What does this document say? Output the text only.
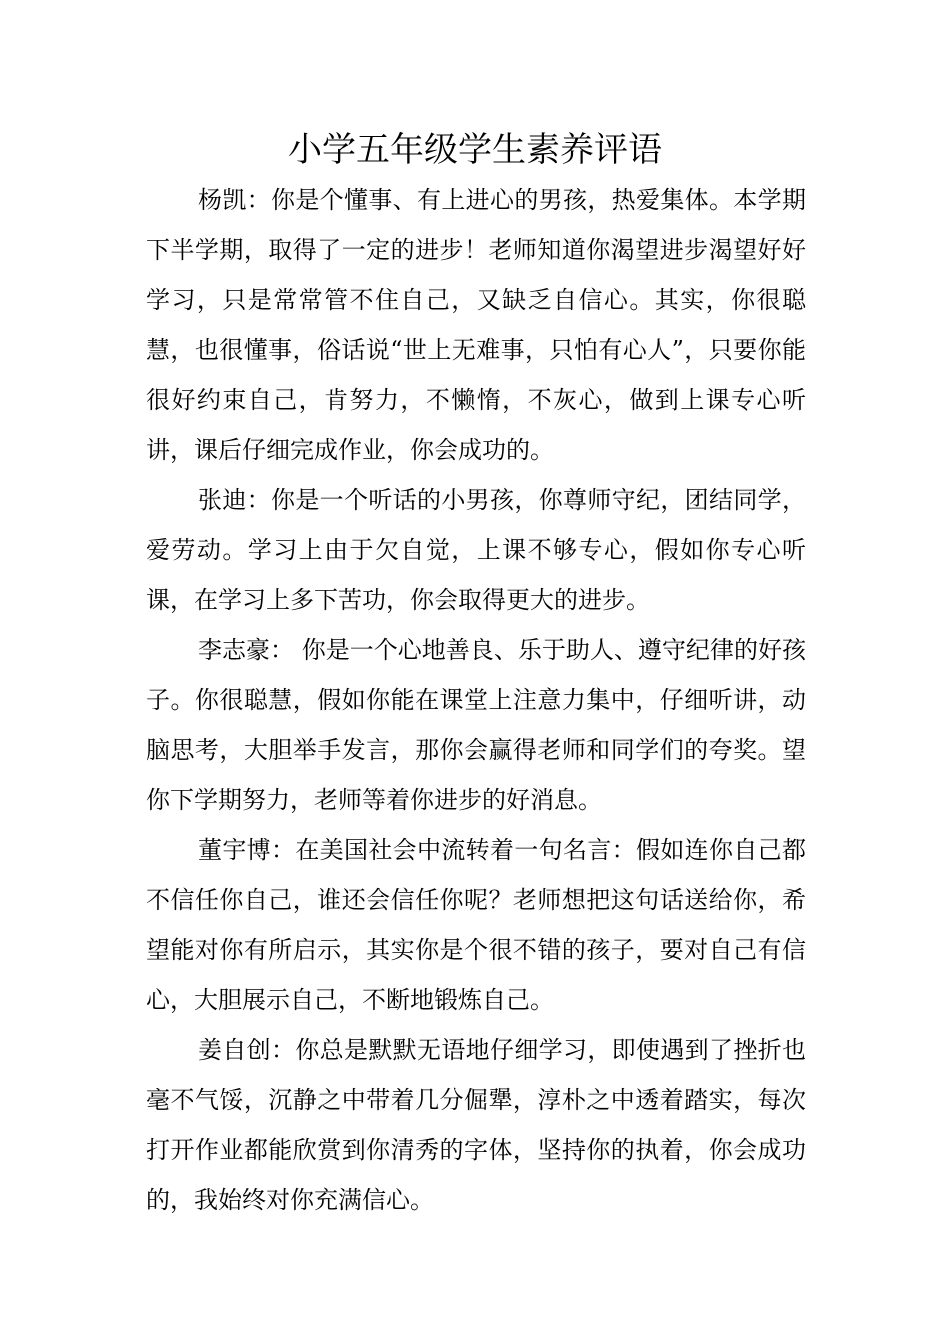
小学五年级学生素养评语

杨凯：你是个懂事、有上进心的男孩，热爱集体。本学期下半学期，取得了一定的进步！老师知道你渴望进步渴望好好学习，只是常常管不住自己，又缺乏自信心。其实，你很聪慧，也很懂事，俗话说“世上无难事，只怕有心人”，只要你能很好约束自己，肯努力，不懒惰，不灰心，做到上课专心听讲，课后仔细完成作业，你会成功的。

张迪：你是一个听话的小男孩，你尊师守纪，团结同学，爱劳动。学习上由于欠自觉，上课不够专心，假如你专心听课，在学习上多下苦功，你会取得更大的进步。

李志豪： 你是一个心地善良、乐于助人、遵守纪律的好孩子。你很聪慧，假如你能在课堂上注意力集中，仔细听讲，动脑思考，大胆举手发言，那你会赢得老师和同学们的夸奖。望你下学期努力，老师等着你进步的好消息。

董宇博：在美国社会中流转着一句名言：假如连你自己都不信任你自己，谁还会信任你呢？老师想把这句话送给你，希望能对你有所启示，其实你是个很不错的孩子，要对自己有信心，大胆展示自己，不断地锻炼自己。

姜自创：你总是默默无语地仔细学习，即使遇到了挫折也毫不气馁，沉静之中带着几分倔犟，淳朴之中透着踏实，每次打开作业都能欣赏到你清秀的字体，坚持你的执着，你会成功的，我始终对你充满信心。
